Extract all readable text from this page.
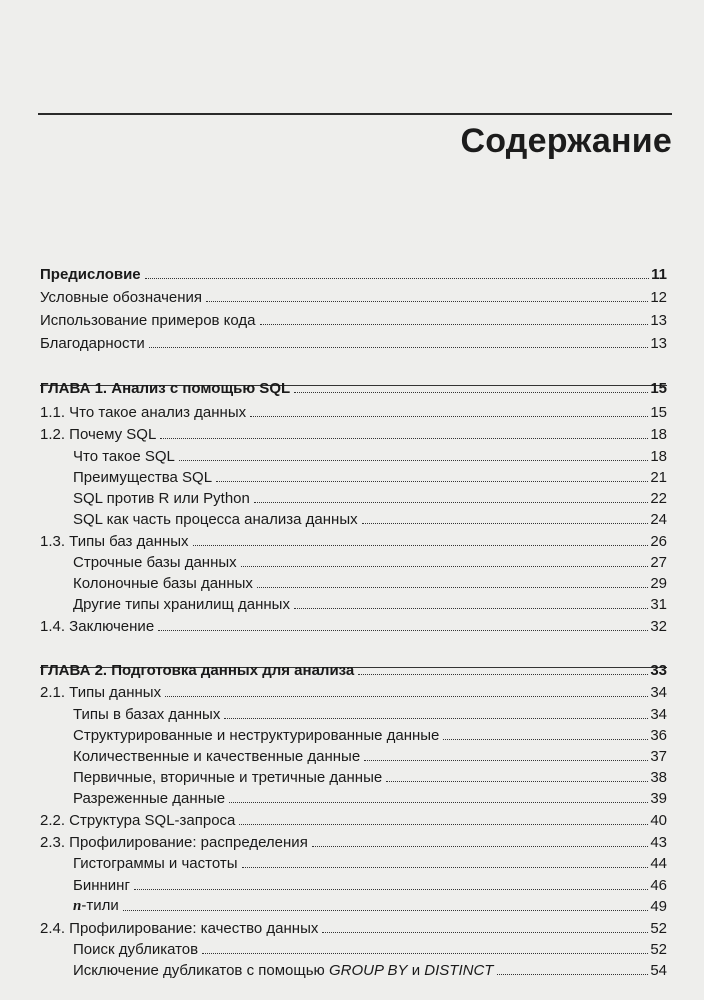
Содержание
Предисловие	11
Условные обозначения	12
Использование примеров кода	13
Благодарности	13
ГЛАВА 1. Анализ с помощью SQL	15
1.1. Что такое анализ данных	15
1.2. Почему SQL	18
Что такое SQL	18
Преимущества SQL	21
SQL против R или Python	22
SQL как часть процесса анализа данных	24
1.3. Типы баз данных	26
Строчные базы данных	27
Колоночные базы данных	29
Другие типы хранилищ данных	31
1.4. Заключение	32
ГЛАВА 2. Подготовка данных для анализа	33
2.1. Типы данных	34
Типы в базах данных	34
Структурированные и неструктурированные данные	36
Количественные и качественные данные	37
Первичные, вторичные и третичные данные	38
Разреженные данные	39
2.2. Структура SQL-запроса	40
2.3. Профилирование: распределения	43
Гистограммы и частоты	44
Биннинг	46
n-тили	49
2.4. Профилирование: качество данных	52
Поиск дубликатов	52
Исключение дубликатов с помощью GROUP BY и DISTINCT	54
